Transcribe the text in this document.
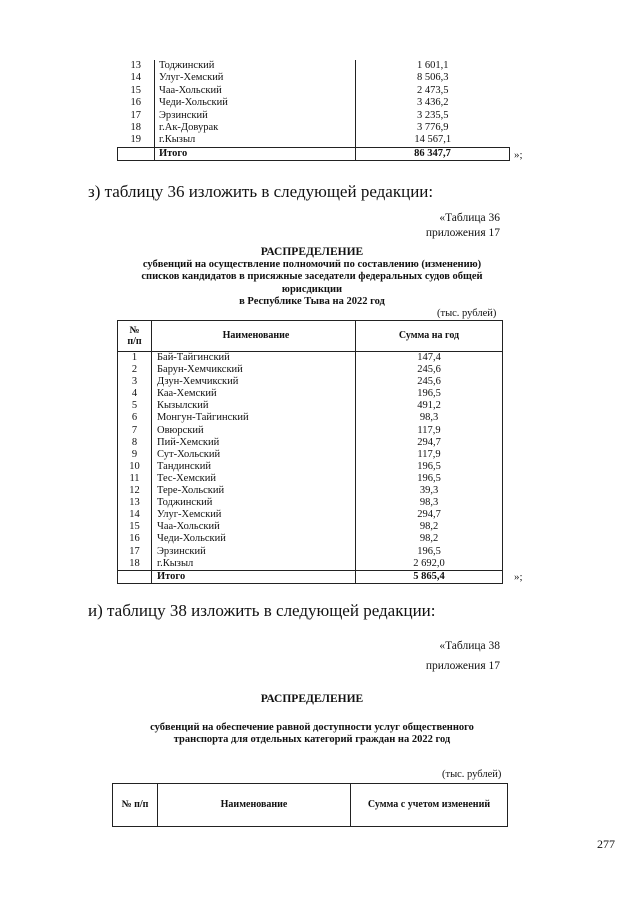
13	Тоджинский	1 601,1
14	Улуг-Хемский	8 506,3
15	Чаа-Хольский	2 473,5
16	Чеди-Хольский	3 436,2
17	Эрзинский	3 235,5
18	г.Ак-Довурак	3 776,9
19	г.Кызыл	14 567,1
	Итого	86 347,7	»;
з) таблицу 36 изложить в следующей редакции:
«Таблица 36
приложения 17
РАСПРЕДЕЛЕНИЕ
субвенций на осуществление полномочий по составлению (изменению)
списков кандидатов в присяжные заседатели федеральных судов общей
юрисдикции
в Республике Тыва на 2022 год
(тыс. рублей)
№
п/п	Наименование	Сумма на год
1	Бай-Тайгинский	147,4
2	Барун-Хемчикский	245,6
3	Дзун-Хемчикский	245,6
4	Каа-Хемский	196,5
5	Кызылский	491,2
6	Монгун-Тайгинский	98,3
7	Овюрский	117,9
8	Пий-Хемский	294,7
9	Сут-Хольский	117,9
10	Тандинский	196,5
11	Тес-Хемский	196,5
12	Тере-Хольский	39,3
13	Тоджинский	98,3
14	Улуг-Хемский	294,7
15	Чаа-Хольский	98,2
16	Чеди-Хольский	98,2
17	Эрзинский	196,5
18	г.Кызыл	2 692,0
	Итого	5 865,4	»;
и) таблицу 38 изложить в следующей редакции:
«Таблица 38
приложения 17
РАСПРЕДЕЛЕНИЕ
субвенций на обеспечение равной доступности услуг общественного
транспорта для отдельных категорий граждан на 2022 год
(тыс. рублей)
№ п/п	Наименование	Сумма с учетом изменений
277
